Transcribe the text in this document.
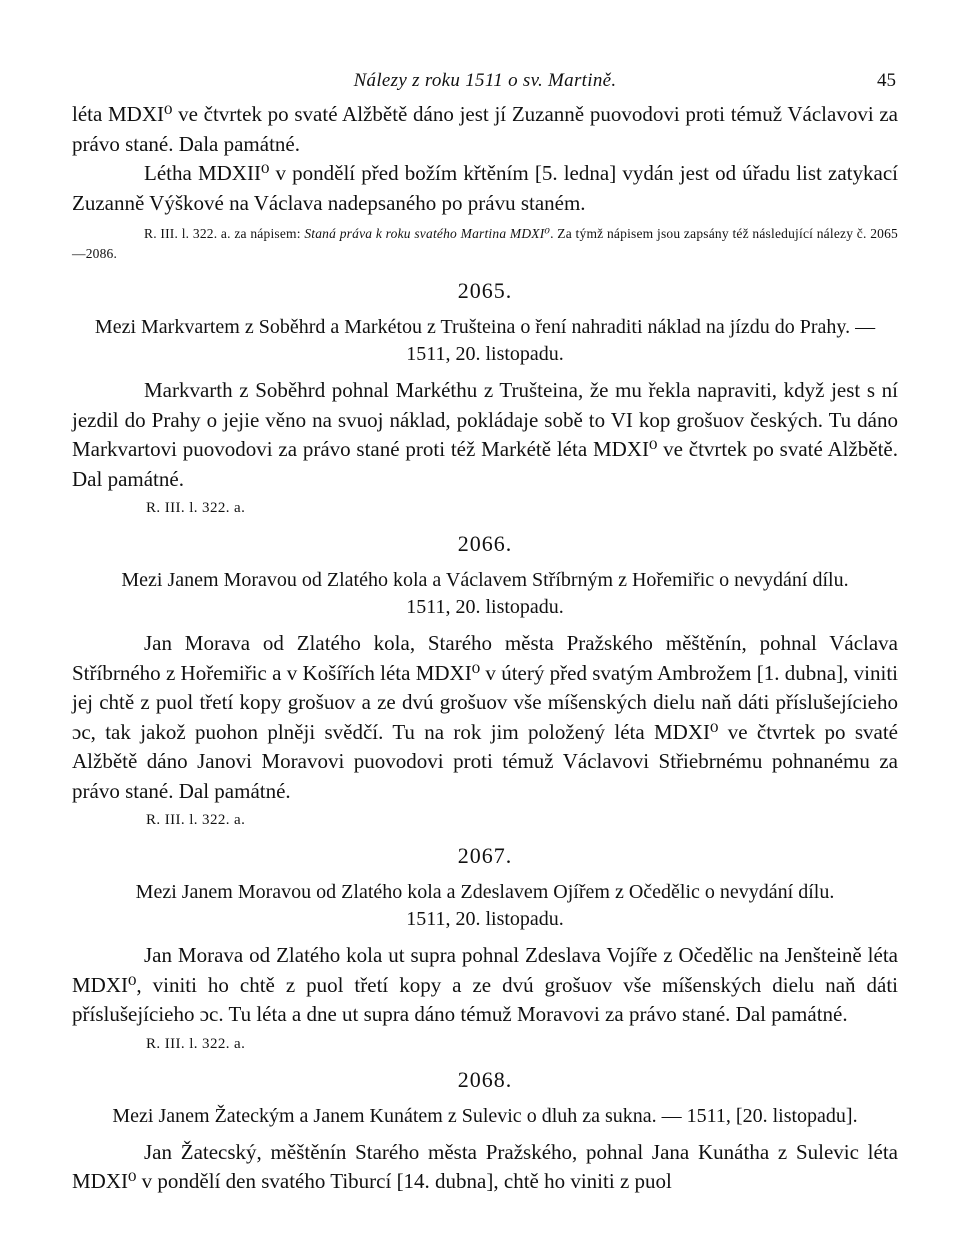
Nálezy z roku 1511 o sv. Martině.	45

léta MDXI⁰ ve čtvrtek po svaté Alžbětě dáno jest jí Zuzanně puovodovi proti témuž Václavovi za právo stané. Dala památné.

Létha MDXII⁰ v pondělí před božím křtěním [5. ledna] vydán jest od úřadu list zatykací Zuzanně Výškové na Václava nadepsaného po právu staném.

R. III. l. 322. a. za nápisem: Staná práva k roku svatého Martina MDXI⁰. Za týmž nápisem jsou zapsány též následující nálezy č. 2065—2086.

2065.
Mezi Markvartem z Soběhrd a Markétou z Trušteina o ření nahraditi náklad na jízdu do Prahy. — 1511, 20. listopadu.

Markvarth z Soběhrd pohnal Markéthu z Trušteina, že mu řekla napraviti, když jest s ní jezdil do Prahy o jejie věno na svuoj náklad, pokládaje sobě to VI kop grošuov českých. Tu dáno Markvartovi puovodovi za právo stané proti též Markétě léta MDXI⁰ ve čtvrtek po svaté Alžbětě. Dal památné.

R. III. l. 322. a.
2066.
Mezi Janem Moravou od Zlatého kola a Václavem Stříbrným z Hořemiřic o nevydání dílu.
1511, 20. listopadu.

Jan Morava od Zlatého kola, Starého města Pražského měštěnín, pohnal Václava Stříbrného z Hořemiřic a v Košířích léta MDXI⁰ v úterý před svatým Ambrožem [1. dubna], viniti jej chtě z puol třetí kopy grošuov a ze dvú grošuov vše míšenských dielu naň dáti příslušejícieho ɔc, tak jakož puohon plněji svědčí. Tu na rok jim položený léta MDXI⁰ ve čtvrtek po svaté Alžbětě dáno Janovi Moravovi puovodovi proti témuž Václavovi Střiebrnému pohnanému za právo stané. Dal památné.

R. III. l. 322. a.
2067.
Mezi Janem Moravou od Zlatého kola a Zdeslavem Ojířem z Očedělic o nevydání dílu.
1511, 20. listopadu.

Jan Morava od Zlatého kola ut supra pohnal Zdeslava Vojíře z Očedělic na Jenšteině léta MDXI⁰, viniti ho chtě z puol třetí kopy a ze dvú grošuov vše míšenských dielu naň dáti příslušejícieho ɔc. Tu léta a dne ut supra dáno témuž Moravovi za právo stané. Dal památné.

R. III. l. 322. a.
2068.
Mezi Janem Žateckým a Janem Kunátem z Sulevic o dluh za sukna. — 1511, [20. listopadu].

Jan Žatecský, měštěnín Starého města Pražského, pohnal Jana Kunátha z Sulevic léta MDXI⁰ v pondělí den svatého Tiburcí [14. dubna], chtě ho viniti z puol
